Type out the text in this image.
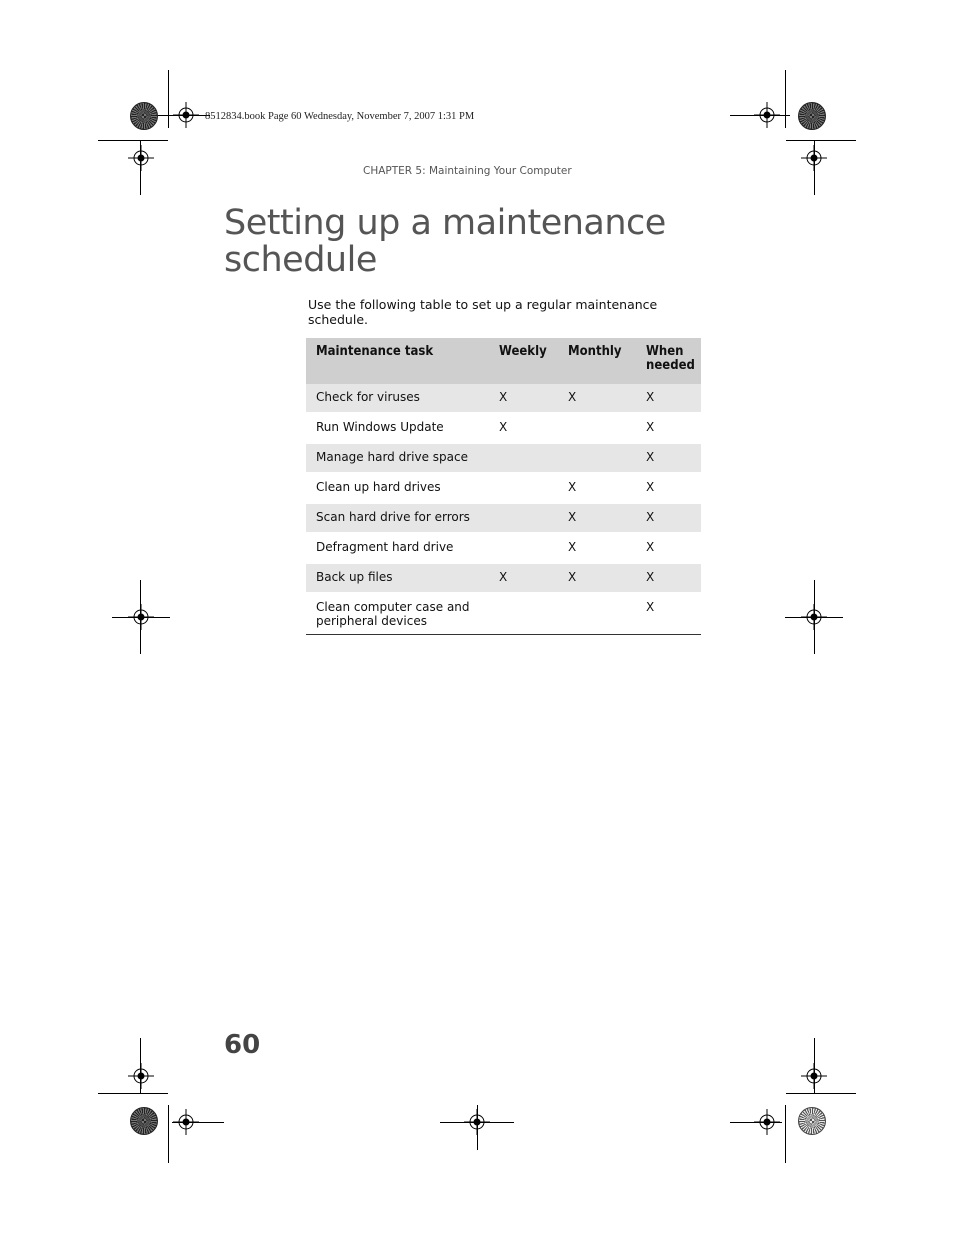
8512834.book Page 60 Wednesday, November 7, 2007 1:31 PM
CHAPTER 5: Maintaining Your Computer
Setting up a maintenance schedule

Use the following table to set up a regular maintenance schedule.

Maintenance task	Weekly	Monthly	When needed
Check for viruses	X	X	X
Run Windows Update	X		X
Manage hard drive space			X
Clean up hard drives		X	X
Scan hard drive for errors		X	X
Defragment hard drive		X	X
Back up files	X	X	X
Clean computer case and peripheral devices			X
60
